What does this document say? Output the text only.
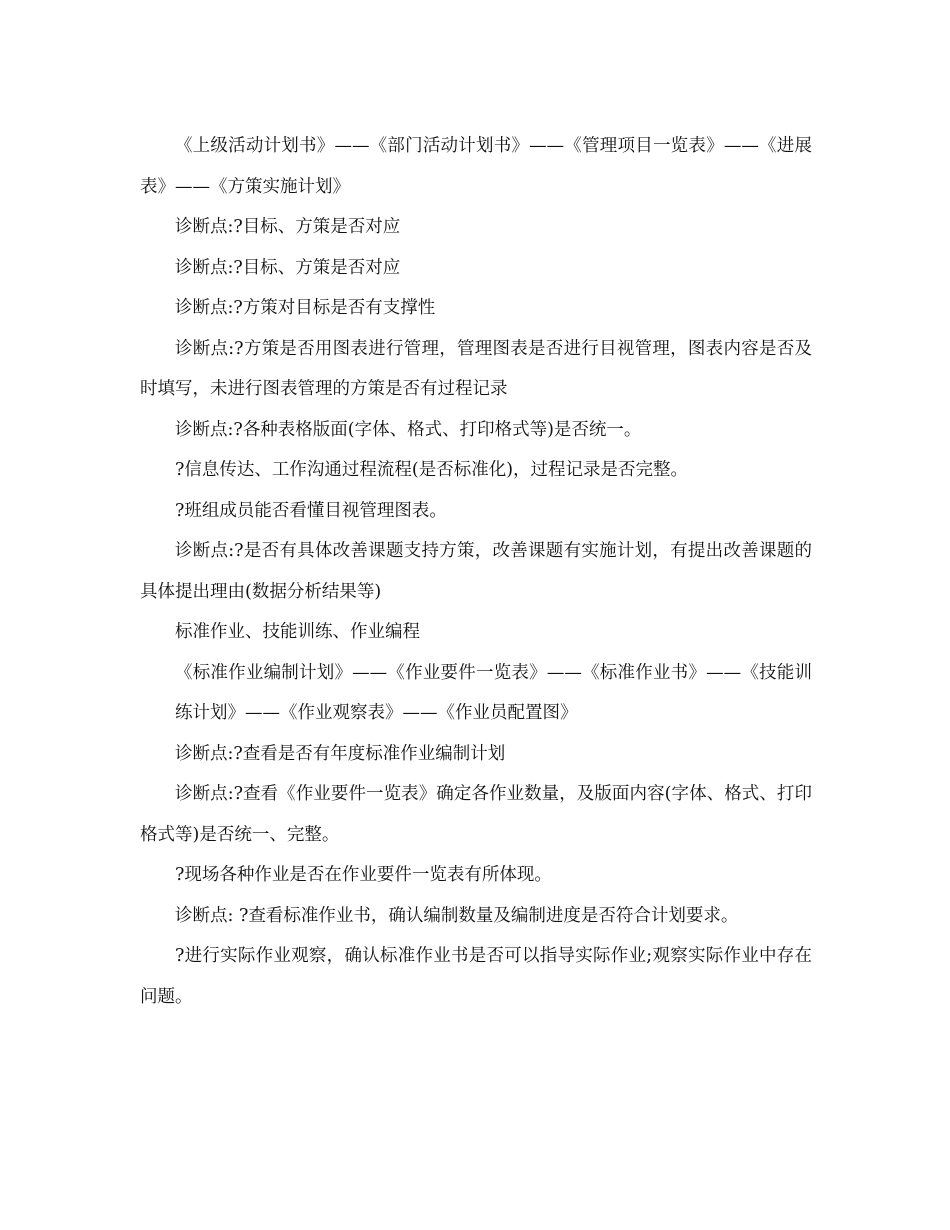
《上级活动计划书》——《部门活动计划书》——《管理项目一览表》——《进展表》——《方策实施计划》

诊断点:?目标、方策是否对应

诊断点:?目标、方策是否对应

诊断点:?方策对目标是否有支撑性

诊断点:?方策是否用图表进行管理，管理图表是否进行目视管理，图表内容是否及时填写，未进行图表管理的方策是否有过程记录

诊断点:?各种表格版面(字体、格式、打印格式等)是否统一。

?信息传达、工作沟通过程流程(是否标准化)，过程记录是否完整。

?班组成员能否看懂目视管理图表。

诊断点:?是否有具体改善课题支持方策，改善课题有实施计划，有提出改善课题的具体提出理由(数据分析结果等)

标准作业、技能训练、作业编程

《标准作业编制计划》——《作业要件一览表》——《标准作业书》——《技能训练计划》——《作业观察表》——《作业员配置图》

诊断点:?查看是否有年度标准作业编制计划

诊断点:?查看《作业要件一览表》确定各作业数量，及版面内容(字体、格式、打印格式等)是否统一、完整。

?现场各种作业是否在作业要件一览表有所体现。

诊断点: ?查看标准作业书，确认编制数量及编制进度是否符合计划要求。

?进行实际作业观察，确认标准作业书是否可以指导实际作业;观察实际作业中存在问题。
